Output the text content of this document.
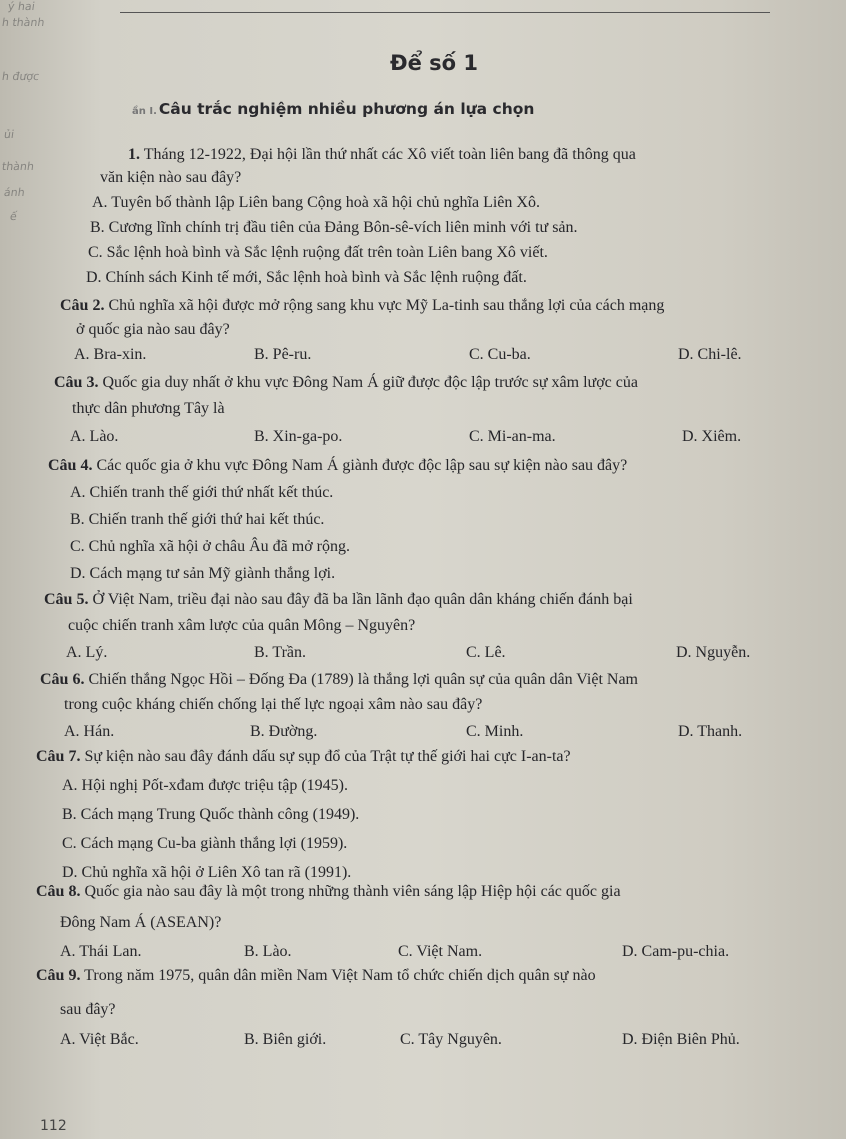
ý hai
h thành
h được
ủi
thành
ánh
ế
Để số 1
ần I. Câu trắc nghiệm nhiều phương án lựa chọn
1. Tháng 12-1922, Đại hội lần thứ nhất các Xô viết toàn liên bang đã thông qua
văn kiện nào sau đây?
A. Tuyên bố thành lập Liên bang Cộng hoà xã hội chủ nghĩa Liên Xô.
B. Cương lĩnh chính trị đầu tiên của Đảng Bôn-sê-vích liên minh với tư sản.
C. Sắc lệnh hoà bình và Sắc lệnh ruộng đất trên toàn Liên bang Xô viết.
D. Chính sách Kinh tế mới, Sắc lệnh hoà bình và Sắc lệnh ruộng đất.
Câu 2. Chủ nghĩa xã hội được mở rộng sang khu vực Mỹ La-tinh sau thắng lợi của cách mạng
ở quốc gia nào sau đây?
A. Bra-xin.	B. Pê-ru.	C. Cu-ba.	D. Chi-lê.
Câu 3. Quốc gia duy nhất ở khu vực Đông Nam Á giữ được độc lập trước sự xâm lược của
thực dân phương Tây là
A. Lào.	B. Xin-ga-po.	C. Mi-an-ma.	D. Xiêm.
Câu 4. Các quốc gia ở khu vực Đông Nam Á giành được độc lập sau sự kiện nào sau đây?
A. Chiến tranh thế giới thứ nhất kết thúc.
B. Chiến tranh thế giới thứ hai kết thúc.
C. Chủ nghĩa xã hội ở châu Âu đã mở rộng.
D. Cách mạng tư sản Mỹ giành thắng lợi.
Câu 5. Ở Việt Nam, triều đại nào sau đây đã ba lần lãnh đạo quân dân kháng chiến đánh bại
cuộc chiến tranh xâm lược của quân Mông – Nguyên?
A. Lý.	B. Trần.	C. Lê.	D. Nguyễn.
Câu 6. Chiến thắng Ngọc Hồi – Đống Đa (1789) là thắng lợi quân sự của quân dân Việt Nam
trong cuộc kháng chiến chống lại thế lực ngoại xâm nào sau đây?
A. Hán.	B. Đường.	C. Minh.	D. Thanh.
Câu 7. Sự kiện nào sau đây đánh dấu sự sụp đổ của Trật tự thế giới hai cực I-an-ta?
A. Hội nghị Pốt-xđam được triệu tập (1945).
B. Cách mạng Trung Quốc thành công (1949).
C. Cách mạng Cu-ba giành thắng lợi (1959).
D. Chủ nghĩa xã hội ở Liên Xô tan rã (1991).
Câu 8. Quốc gia nào sau đây là một trong những thành viên sáng lập Hiệp hội các quốc gia
Đông Nam Á (ASEAN)?
A. Thái Lan.	B. Lào.	C. Việt Nam.	D. Cam-pu-chia.
Câu 9. Trong năm 1975, quân dân miền Nam Việt Nam tổ chức chiến dịch quân sự nào
sau đây?
A. Việt Bắc.	B. Biên giới.	C. Tây Nguyên.	D. Điện Biên Phủ.
112
